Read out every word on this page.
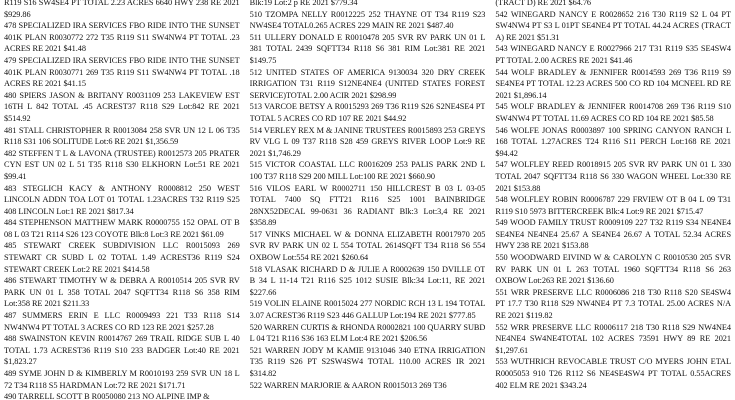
R119 S16 SW4SE4 PT TOTAL 2.23 ACRES 6640 HWY 238 RE 2021 $929.86

478 SPECIALIZED IRA SERVICES FBO RIDE INTO THE SUNSET 401K PLAN R0030772 272 T35 R119 S11 SW4NW4 PT TOTAL .23 ACRES RE 2021 $41.48

479 SPECIALIZED IRA SERVICES FBO RIDE INTO THE SUNSET 401K PLAN R0030771 269 T35 R119 S11 SW4NW4 PT TOTAL .18 ACRES RE 2021 $41.15

480 SPIERS JASON & BRITANY R0031109 253 LAKEVIEW EST 16TH L 842 TOTAL .45 ACREST37 R118 S29 Lot:842 RE 2021 $514.92

481 STALL CHRISTOPHER R R0013084 258 SVR UN 12 L 06 T35 R118 S31 106 SOLITUDE Lot:6 RE 2021 $1,356.59

482 STEFFEN T L & LAVONA (TRUSTEE) R0012573 205 PRATER CYN EST UN 02 L 51 T35 R118 S30 ELKHORN Lot:51 RE 2021 $99.41

483 STEGLICH KACY & ANTHONY R0008812 250 WEST LINCOLN ADDN TOA LOT 01 TOTAL 1.23ACRES T32 R119 S25 408 LINCOLN Lot:1 RE 2021 $817.34

484 STEPHENSON MATTHEW MARK R0000755 152 OPAL OT B 08 L 03 T21 R114 S26 123 COYOTE Blk:8 Lot:3 RE 2021 $61.09

485 STEWART CREEK SUBDIVISION LLC R0015093 269 STEWART CR SUBD L 02 TOTAL 1.49 ACREST36 R119 S24 STEWART CREEK Lot:2 RE 2021 $414.58

486 STEWART TIMOTHY W & DEBRA A R0010514 205 SVR RV PARK UN 01 L 358 TOTAL 2047 SQFTT34 R118 S6 358 RIM Lot:358 RE 2021 $211.33

487 SUMMERS ERIN E LLC R0009493 221 T33 R118 S14 NW4NW4 PT TOTAL 3 ACRES CO RD 123 RE 2021 $257.28

488 SWAINSTON KEVIN R0014767 269 TRAIL RIDGE SUB L 40 TOTAL 1.73 ACREST36 R119 S10 233 BADGER Lot:40 RE 2021 $1,823.27

489 SYME JOHN D & KIMBERLY M R0010193 259 SVR UN 18 L 72 T34 R118 S5 HARDMAN Lot:72 RE 2021 $171.71

490 TARRELL SCOTT B R0050080 213 NO ALPINE IMP &

Blk:19 Lot:2 p RE 2021 $779.34

510 TZOMPA NELLY R0012225 252 THAYNE OT T34 R119 S23 NW4SE4 TOTAL0.265 ACRES 229 MAIN RE 2021 $487.40

511 ULLERY DONALD E R0010478 205 SVR RV PARK UN 01 L 381 TOTAL 2439 SQFTT34 R118 S6 381 RIM Lot:381 RE 2021 $149.75

512 UNITED STATES OF AMERICA 9130034 320 DRY CREEK IRRIGATION T31 R119 S12NE4NE4 (UNITED STATES FOREST SERVICE)TOTAL 2.00 ACIR 2021 $298.99

513 VARCOE BETSY A R0015293 269 T36 R119 S26 S2NE4SE4 PT TOTAL 5 ACRES CO RD 107 RE 2021 $44.92

514 VERLEY REX M & JANINE TRUSTEES R0015893 253 GREYS RV VLG L 09 T37 R118 S28 459 GREYS RIVER LOOP Lot:9 RE 2021 $1,746.29

515 VICTOR COASTAL LLC R0016209 253 PALIS PARK 2ND L 100 T37 R118 S29 200 MILL Lot:100 RE 2021 $660.90

516 VILOS EARL W R0002711 150 HILLCREST B 03 L 03-05 TOTAL 7400 SQ FTT21 R116 S25 1001 BAINBRIDGE 28NX52DECAL 99-0631 36 RADIANT Blk:3 Lot:3,4 RE 2021 $358.89

517 VINKS MICHAEL W & DONNA ELIZABETH R0017970 205 SVR RV PARK UN 02 L 554 TOTAL 2614SQFT T34 R118 S6 554 OXBOW Lot:554 RE 2021 $260.64

518 VLASAK RICHARD D & JULIE A R0002639 150 DVILLE OT B 34 L 11-14 T21 R116 S25 1012 SUSIE Blk:34 Lot:11, RE 2021 $227.66

519 VOLIN ELAINE R0015024 277 NORDIC RCH 13 L 194 TOTAL 3.07 ACREST36 R119 S23 446 GALLUP Lot:194 RE 2021 $777.85

520 WARREN CURTIS & RHONDA R0002821 100 QUARRY SUBD L 04 T21 R116 S36 163 ELM Lot:4 RE 2021 $206.56

521 WARREN JODY M KAMIE 9131046 340 ETNA IRRIGATION T35 R119 S26 PT S2SW4SW4 TOTAL 110.00 ACRES IR 2021 $314.82

522 WARREN MARJORIE & AARON R0015013 269 T36

(TRACT D) RE 2021 $64.76

542 WINEGARD NANCY E R0028652 216 T30 R119 S2 L 04 PT SW4NW4 PT S3 L 01PT SE4NE4 PT TOTAL 44.24 ACRES (TRACT A) RE 2021 $51.31

543 WINEGARD NANCY E R0027966 217 T31 R119 S35 SE4SW4 PT TOTAL 2.00 ACRES RE 2021 $41.46

544 WOLF BRADLEY & JENNIFER R0014593 269 T36 R119 S9 SE4NE4 PT TOTAL 12.23 ACRES 500 CO RD 104 MCNEEL RD RE 2021 $1,896.14

545 WOLF BRADLEY & JENNIFER R0014708 269 T36 R119 S10 SW4NW4 PT TOTAL 11.69 ACRES CO RD 104 RE 2021 $85.58

546 WOLFE JONAS R0003897 100 SPRING CANYON RANCH L 168 TOTAL 1.27ACRES T24 R116 S11 PERCH Lot:168 RE 2021 $94.42

547 WOLFLEY REED R0018915 205 SVR RV PARK UN 01 L 330 TOTAL 2047 SQFTT34 R118 S6 330 WAGON WHEEL Lot:330 RE 2021 $153.88

548 WOLFLEY ROBIN R0006787 229 FRVIEW OT B 04 L 09 T31 R119 S10 5973 BITTERCREEK Blk:4 Lot:9 RE 2021 $715.47

549 WOOD FAMILY TRUST R0009109 227 T32 R119 S34 NE4NE4 SE4NE4 NE4NE4 25.67 A SE4NE4 26.67 A TOTAL 52.34 ACRES HWY 238 RE 2021 $153.88

550 WOODWARD EIVIND W & CAROLYN C R0010530 205 SVR RV PARK UN 01 L 263 TOTAL 1960 SQFTT34 R118 S6 263 OXBOW Lot:263 RE 2021 $136.60

551 WRR PRESERVE LLC R0006086 218 T30 R118 S20 SE4SW4 PT 17.7 T30 R118 S29 NW4NE4 PT 7.3 TOTAL 25.00 ACRES N/A RE 2021 $119.82

552 WRR PRESERVE LLC R0006117 218 T30 R118 S29 NW4NE4 NE4NE4 SW4NE4TOTAL 102 ACRES 73591 HWY 89 RE 2021 $1,297.61

553 WUTHRICH REVOCABLE TRUST C/O MYERS JOHN ETAL R0005053 910 T26 R112 S6 NE4SE4SW4 PT TOTAL 0.55ACRES 402 ELM RE 2021 $343.24
